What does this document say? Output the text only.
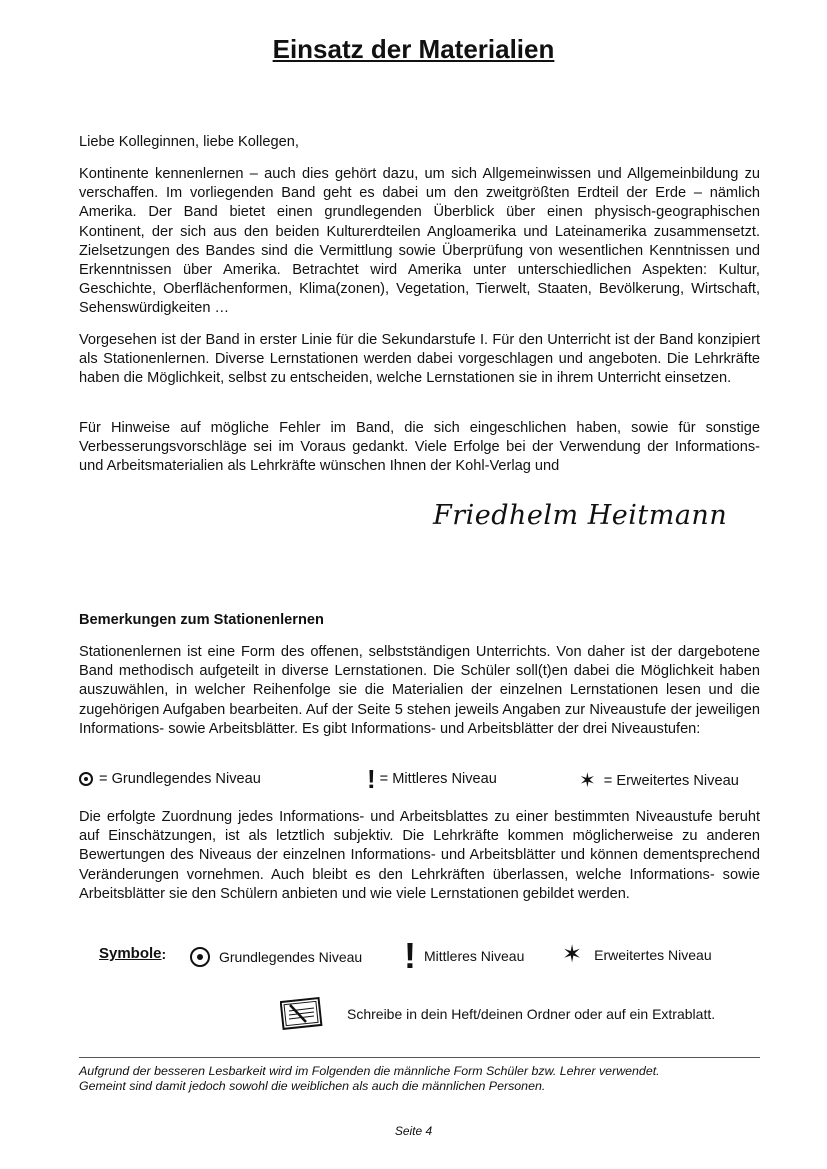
Einsatz der Materialien
Liebe Kolleginnen, liebe Kollegen,
Kontinente kennenlernen – auch dies gehört dazu, um sich Allgemeinwissen und Allgemeinbildung zu verschaffen. Im vorliegenden Band geht es dabei um den zweitgrößten Erdteil der Erde – nämlich Amerika. Der Band bietet einen grundlegenden Überblick über einen physisch-geographischen Kontinent, der sich aus den beiden Kulturerdteilen Angloamerika und Lateinamerika zusammensetzt. Zielsetzungen des Bandes sind die Vermittlung sowie Überprüfung von wesentlichen Kenntnissen und Erkenntnissen über Amerika. Betrachtet wird Amerika unter unterschiedlichen Aspekten: Kultur, Geschichte, Oberflächenformen, Klima(zonen), Vegetation, Tierwelt, Staaten, Bevölkerung, Wirtschaft, Sehenswürdigkeiten …
Vorgesehen ist der Band in erster Linie für die Sekundarstufe I. Für den Unterricht ist der Band konzipiert als Stationenlernen. Diverse Lernstationen werden dabei vorgeschlagen und angeboten. Die Lehrkräfte haben die Möglichkeit, selbst zu entscheiden, welche Lernstationen sie in ihrem Unterricht einsetzen.
Für Hinweise auf mögliche Fehler im Band, die sich eingeschlichen haben, sowie für sonstige Verbesserungsvorschläge sei im Voraus gedankt. Viele Erfolge bei der Verwendung der Informations- und Arbeitsmaterialien als Lehrkräfte wünschen Ihnen der Kohl-Verlag und
Friedhelm Heitmann
Bemerkungen zum Stationenlernen
Stationenlernen ist eine Form des offenen, selbstständigen Unterrichts. Von daher ist der dargebotene Band methodisch aufgeteilt in diverse Lernstationen. Die Schüler soll(t)en dabei die Möglichkeit haben auszuwählen, in welcher Reihenfolge sie die Materialien der einzelnen Lernstationen lesen und die zugehörigen Aufgaben bearbeiten. Auf der Seite 5 stehen jeweils Angaben zur Niveaustufe der jeweiligen Informations- sowie Arbeitsblätter. Es gibt Informations- und Arbeitsblätter der drei Niveaustufen:
= Grundlegendes Niveau	! = Mittleres Niveau	✶ = Erweitertes Niveau
Die erfolgte Zuordnung jedes Informations- und Arbeitsblattes zu einer bestimmten Niveaustufe beruht auf Einschätzungen, ist als letztlich subjektiv. Die Lehrkräfte kommen möglicherweise zu anderen Bewertungen des Niveaus der einzelnen Informations- und Arbeitsblätter und können dementsprechend Veränderungen vornehmen. Auch bleibt es den Lehrkräften überlassen, welche Informations- sowie Arbeitsblätter sie den Schülern anbieten und wie viele Lernstationen gebildet werden.
Symbole :	Grundlegendes Niveau ! Mittleres Niveau ✶ Erweitertes Niveau
Schreibe in dein Heft/deinen Ordner oder auf ein Extrablatt.
Aufgrund der besseren Lesbarkeit wird im Folgenden die männliche Form Schüler bzw. Lehrer verwendet.
Gemeint sind damit jedoch sowohl die weiblichen als auch die männlichen Personen.
Seite 4
